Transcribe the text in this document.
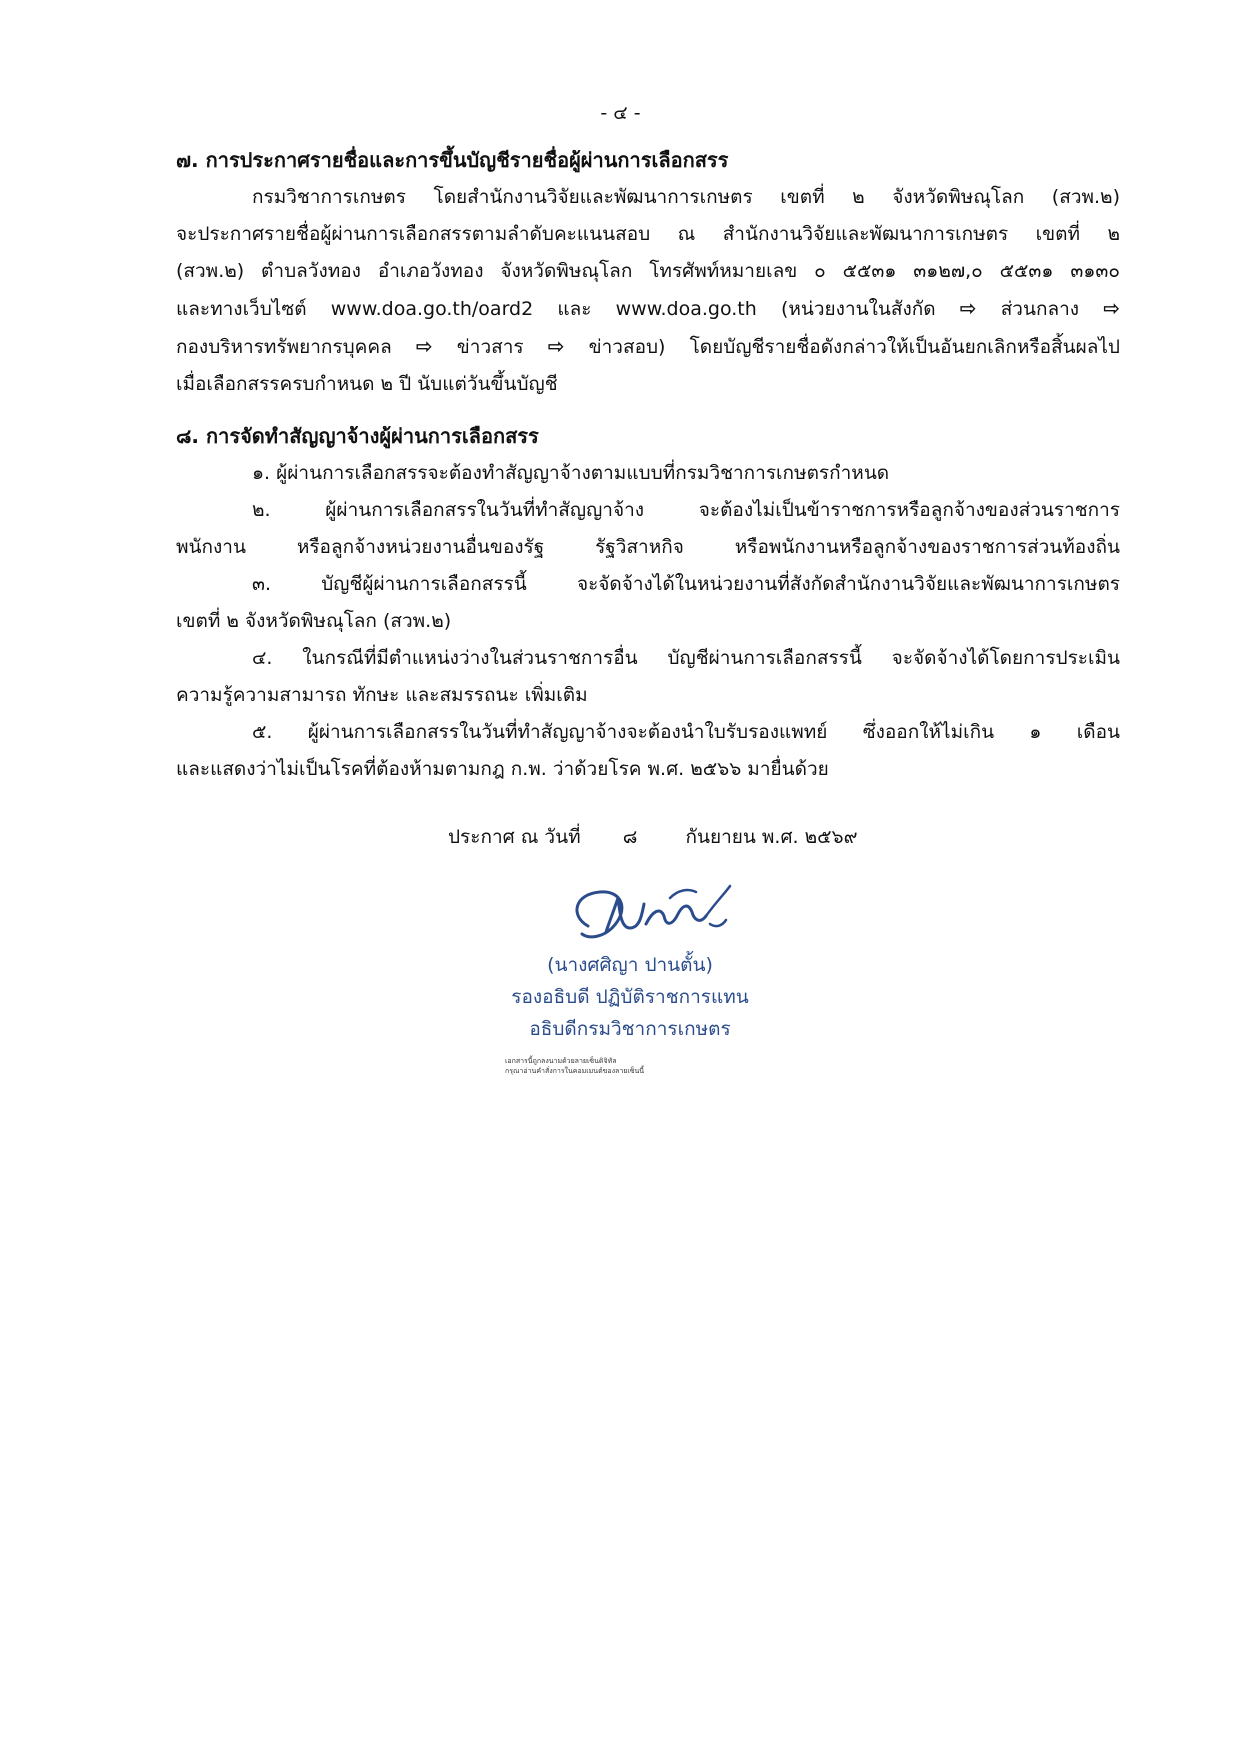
- ๔ -
๗. การประกาศรายชื่อและการขึ้นบัญชีรายชื่อผู้ผ่านการเลือกสรร
กรมวิชาการเกษตร โดยสำนักงานวิจัยและพัฒนาการเกษตร เขตที่ ๒ จังหวัดพิษณุโลก (สวพ.๒)
จะประกาศรายชื่อผู้ผ่านการเลือกสรรตามลำดับคะแนนสอบ ณ สำนักงานวิจัยและพัฒนาการเกษตร เขตที่ ๒
(สวพ.๒) ตำบลวังทอง อำเภอวังทอง จังหวัดพิษณุโลก โทรศัพท์หมายเลข ๐ ๕๕๓๑ ๓๑๒๗,๐ ๕๕๓๑ ๓๑๓๐
และทางเว็บไซต์ www.doa.go.th/oard2 และ www.doa.go.th (หน่วยงานในสังกัด ⇨ ส่วนกลาง ⇨
กองบริหารทรัพยากรบุคคล ⇨ ข่าวสาร ⇨ ข่าวสอบ) โดยบัญชีรายชื่อดังกล่าวให้เป็นอันยกเลิกหรือสิ้นผลไป
เมื่อเลือกสรรครบกำหนด ๒ ปี นับแต่วันขึ้นบัญชี
๘. การจัดทำสัญญาจ้างผู้ผ่านการเลือกสรร
๑. ผู้ผ่านการเลือกสรรจะต้องทำสัญญาจ้างตามแบบที่กรมวิชาการเกษตรกำหนด
๒. ผู้ผ่านการเลือกสรรในวันที่ทำสัญญาจ้าง จะต้องไม่เป็นข้าราชการหรือลูกจ้างของส่วนราชการ
พนักงาน หรือลูกจ้างหน่วยงานอื่นของรัฐ รัฐวิสาหกิจ หรือพนักงานหรือลูกจ้างของราชการส่วนท้องถิ่น
๓. บัญชีผู้ผ่านการเลือกสรรนี้ จะจัดจ้างได้ในหน่วยงานที่สังกัดสำนักงานวิจัยและพัฒนาการเกษตร
เขตที่ ๒ จังหวัดพิษณุโลก (สวพ.๒)
๔. ในกรณีที่มีตำแหน่งว่างในส่วนราชการอื่น บัญชีผ่านการเลือกสรรนี้ จะจัดจ้างได้โดยการประเมิน
ความรู้ความสามารถ ทักษะ และสมรรถนะ เพิ่มเติม
๕. ผู้ผ่านการเลือกสรรในวันที่ทำสัญญาจ้างจะต้องนำใบรับรองแพทย์ ซึ่งออกให้ไม่เกิน ๑ เดือน
และแสดงว่าไม่เป็นโรคที่ต้องห้ามตามกฎ ก.พ. ว่าด้วยโรค พ.ศ. ๒๕๖๖ มายื่นด้วย
ประกาศ ณ วันที่ ๘	กันยายน พ.ศ. ๒๕๖๙
(นางศศิญา ปานตั้น)
รองอธิบดี ปฏิบัติราชการแทน
อธิบดีกรมวิชาการเกษตร
เอกสารนี้ถูกลงนามด้วยลายเซ็นดิจิทัล
กรุณาอ่านคำสั่งการในคอมเมนต์ของลายเซ็นนี้
